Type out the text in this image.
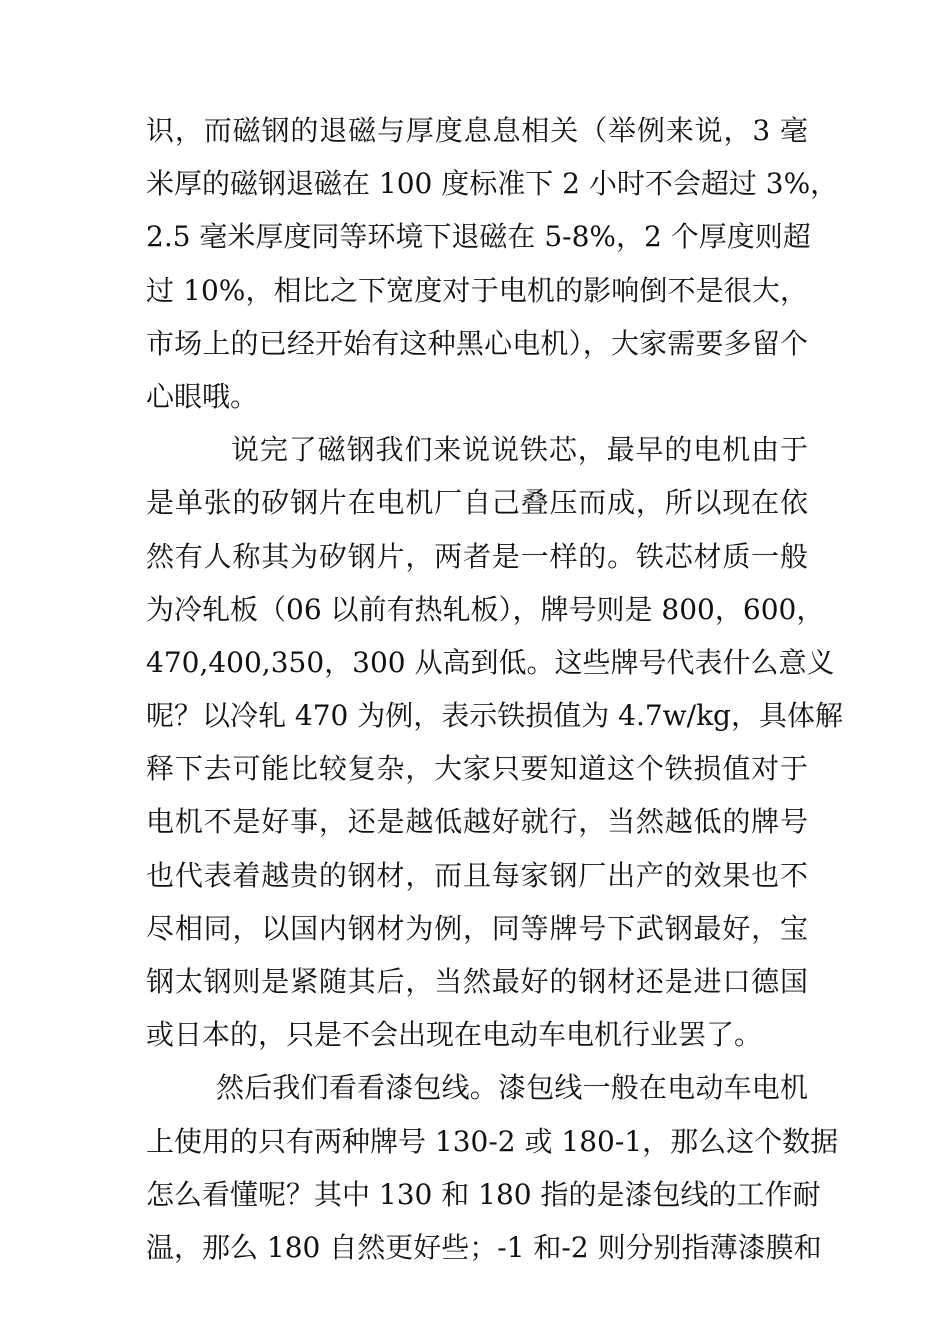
识，而磁钢的退磁与厚度息息相关（举例来说，3 毫
米厚的磁钢退磁在 100 度标准下 2 小时不会超过 3%，
2.5 毫米厚度同等环境下退磁在 5-8%，2 个厚度则超
过 10%，相比之下宽度对于电机的影响倒不是很大，
市场上的已经开始有这种黑心电机），大家需要多留个
心眼哦。
说完了磁钢我们来说说铁芯，最早的电机由于
是单张的矽钢片在电机厂自己叠压而成，所以现在依
然有人称其为矽钢片，两者是一样的。铁芯材质一般
为冷轧板（06 以前有热轧板），牌号则是 800，600，
470,400,350，300 从高到低。这些牌号代表什么意义
呢？以冷轧 470 为例，表示铁损值为 4.7w/kg，具体解
释下去可能比较复杂，大家只要知道这个铁损值对于
电机不是好事，还是越低越好就行，当然越低的牌号
也代表着越贵的钢材，而且每家钢厂出产的效果也不
尽相同，以国内钢材为例，同等牌号下武钢最好，宝
钢太钢则是紧随其后，当然最好的钢材还是进口德国
或日本的，只是不会出现在电动车电机行业罢了。
然后我们看看漆包线。漆包线一般在电动车电机
上使用的只有两种牌号 130-2 或 180-1，那么这个数据
怎么看懂呢？其中 130 和 180 指的是漆包线的工作耐
温，那么 180 自然更好些；-1 和-2 则分别指薄漆膜和
